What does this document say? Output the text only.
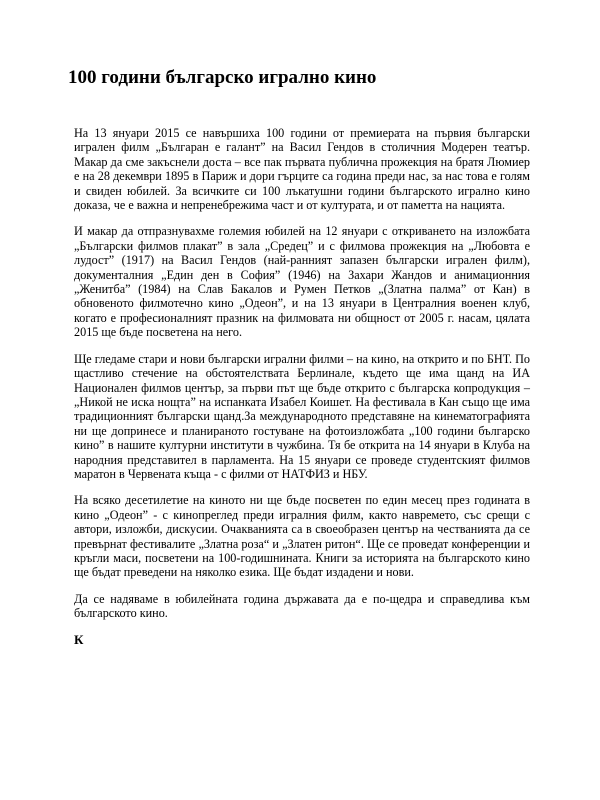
100 години българско игрално кино

На 13 януари 2015 се навършиха 100 години от премиерата на първия български игрален филм „Българан е галант” на Васил Гендов в столичния Модерен театър. Макар да сме закъснели доста – все пак първата публична прожекция на братя Люмиер е на 28 декември 1895 в Париж и дори гърците са година преди нас, за нас това е голям и свиден юбилей. За всичките си 100 лъкатушни години българското игрално кино доказа, че е важна и непренебрежима част и от културата, и от паметта на нацията.

И макар да отпразнувахме големия юбилей на 12 януари с откриването на изложбата „Български филмов плакат” в зала „Средец” и с филмова прожекция на „Любовта е лудост” (1917) на Васил Гендов (най-ранният запазен български игрален филм), документалния „Един ден в София” (1946) на Захари Жандов и анимационния „Женитба” (1984) на Слав Бакалов и Румен Петков „(Златна палма” от Кан) в обновеното филмотечно кино „Одеон”, и на 13 януари в Централния военен клуб, когато е професионалният празник на филмовата ни общност от 2005 г. насам, цялата 2015 ще бъде посветена на него.

Ще гледаме стари и нови български игрални филми – на кино, на открито и по БНТ. По щастливо стечение на обстоятелствата Берлинале, където ще има щанд на ИА Национален филмов център, за първи път ще бъде открито с българска копродукция – „Никой не иска нощта” на испанката Изабел Коишет. На фестивала в Кан също ще има традиционният български щанд.За международното представяне на кинематографията ни ще допринесе и планираното гостуване на фотоизложбата „100 години българско кино” в нашите културни институти в чужбина. Тя бе открита на 14 януари в Клуба на народния представител в парламента. На 15 януари се проведе студентският филмов маратон в Червената къща - с филми от НАТФИЗ и НБУ.

На всяко десетилетие на киното ни ще бъде посветен по един месец през годината в кино „Одеон” - с кинопреглед преди игралния филм, както навремето, със срещи с автори, изложби, дискусии. Очакванията са в своеобразен център на честванията да се превърнат фестивалите „Златна роза“ и „Златен ритон“. Ще се проведат конференции и кръгли маси, посветени на 100-годишнината. Книги за историята на българското кино ще бъдат преведени на няколко езика. Ще бъдат издадени и нови.

Да се надяваме в юбилейната година държавата да е по-щедра и справедлива към българското кино.

К
